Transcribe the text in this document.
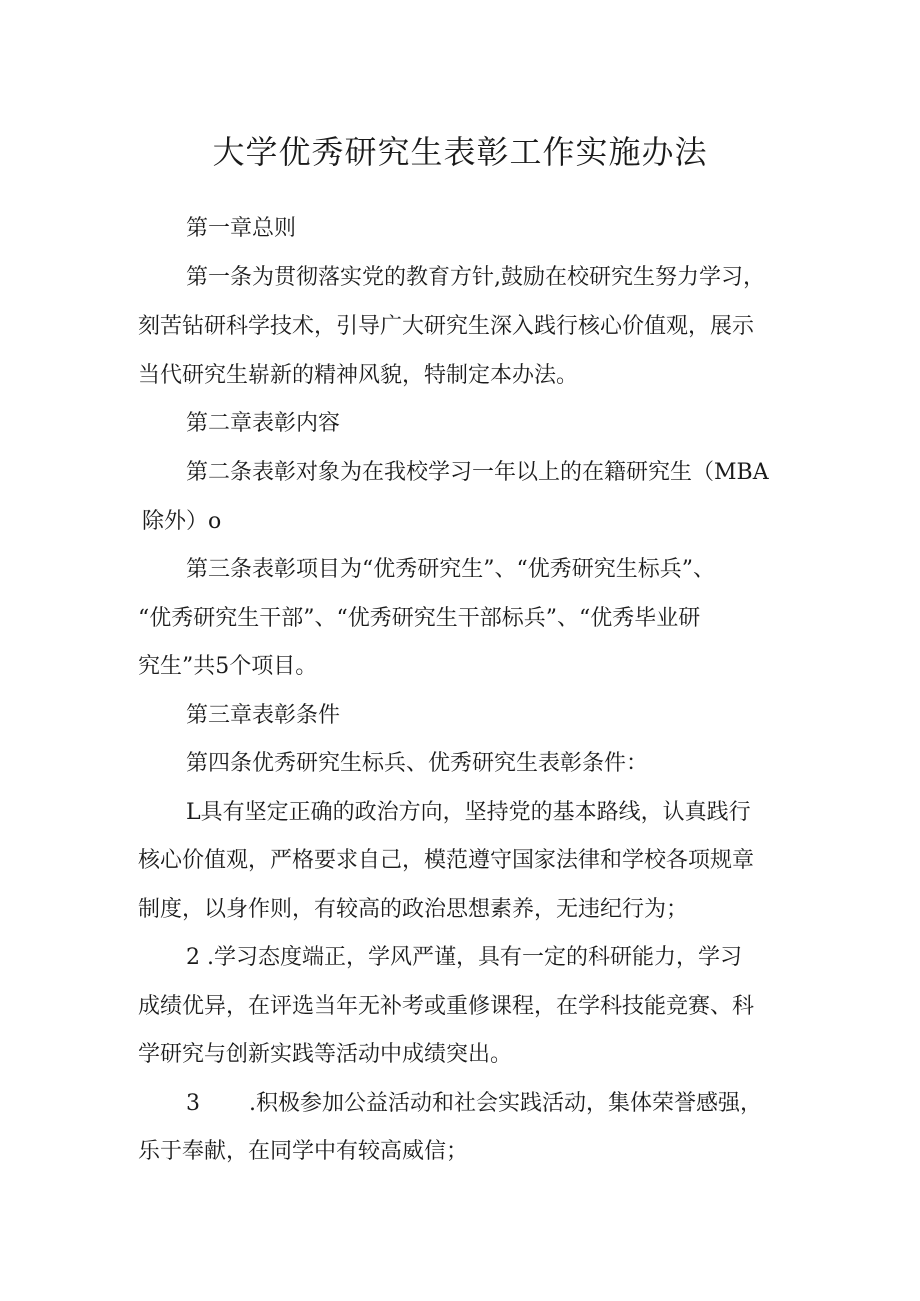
大学优秀研究生表彰工作实施办法

第一章总则

第一条为贯彻落实党的教育方针,鼓励在校研究生努力学习，

刻苦钻研科学技术，引导广大研究生深入践行核心价值观，展示

当代研究生崭新的精神风貌，特制定本办法。

第二章表彰内容

第二条表彰对象为在我校学习一年以上的在籍研究生（MBA

除外）o

第三条表彰项目为“优秀研究生”、“优秀研究生标兵”、

“优秀研究生干部”、“优秀研究生干部标兵”、“优秀毕业研

究生”共5个项目。

第三章表彰条件

第四条优秀研究生标兵、优秀研究生表彰条件：

L具有坚定正确的政治方向，坚持党的基本路线，认真践行

核心价值观，严格要求自己，模范遵守国家法律和学校各项规章

制度，以身作则，有较高的政治思想素养，无违纪行为；

2 .学习态度端正，学风严谨，具有一定的科研能力，学习

成绩优异，在评选当年无补考或重修课程，在学科技能竞赛、科

学研究与创新实践等活动中成绩突出。

3       .积极参加公益活动和社会实践活动，集体荣誉感强，

乐于奉献，在同学中有较高威信；
